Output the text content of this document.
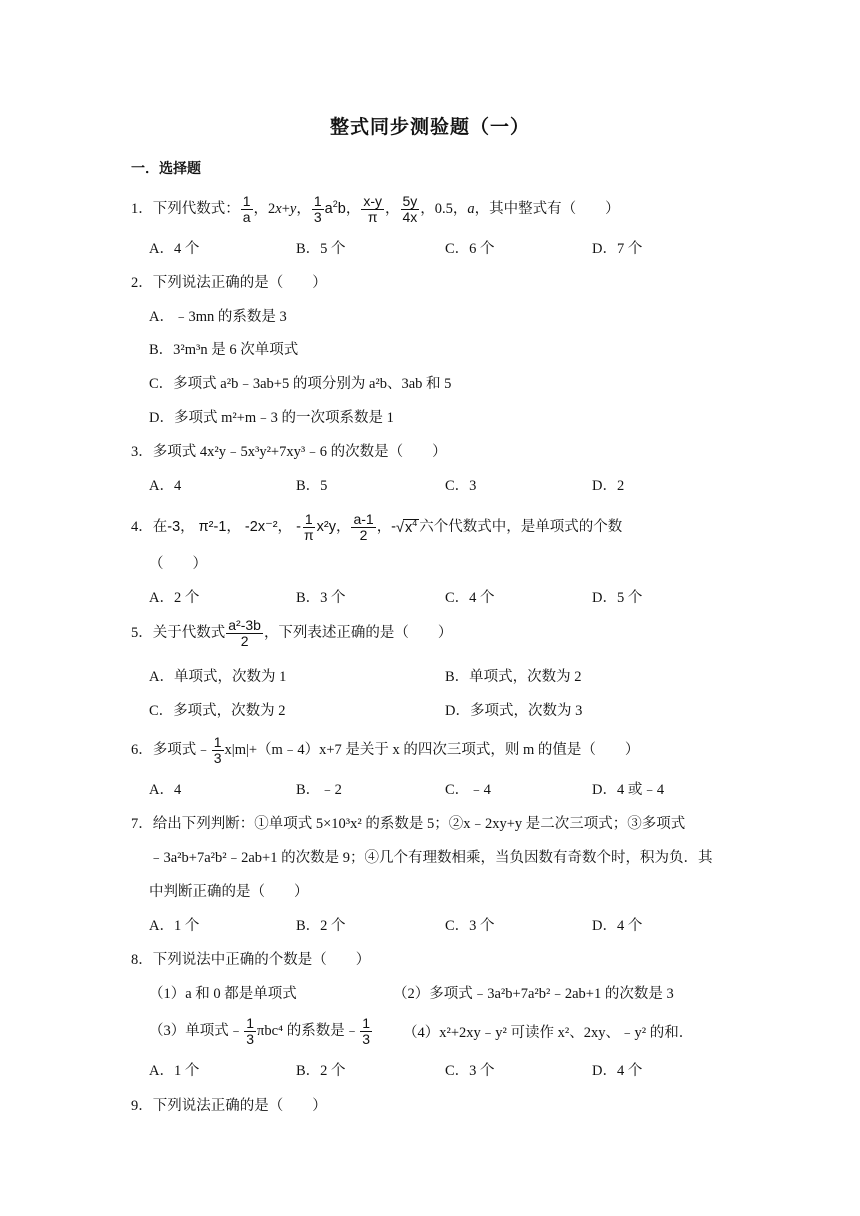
整式同步测验题（一）
一．选择题
1．下列代数式： $\frac{1}{a}$ ，2x+y， $\frac{1}{3} a^2b$， $\frac{x-y}{\pi}$ ， $\frac{5y}{4x}$ ，0.5，a，其中整式有（　　）
A．4 个	B．5 个	C．6 个	D．7 个
2．下列说法正确的是（　　）
A．﹣3mn 的系数是 3
B．3²m³n 是 6 次单项式
C．多项式 a²b﹣3ab+5 的项分别为 a²b、3ab 和 5
D．多项式 m²+m﹣3 的一次项系数是 1
3．多项式 4x²y﹣5x³y²+7xy³﹣6 的次数是（　　）
A．4	B．5	C．3	D．2
4．在-3， π²-1， -2x⁻²， - $\frac{1}{\pi} x^2y$， $\frac{a-1}{2}$ ，$-√x^4$ 六个代数式中，是单项式的个数
（　　）
A．2 个	B．3 个	C．4 个	D．5 个
5．关于代数式 $\frac{\text{a²-3b}}{2}$ ，下列表述正确的是（　　）
A．单项式，次数为 1	B．单项式，次数为 2
C．多项式，次数为 2	D．多项式，次数为 3
6．多项式﹣ $\frac{1}{3}$ x|m|+（m﹣4）x+7 是关于 x 的四次三项式，则 m 的值是（　　）
A．4	B．﹣2	C．﹣4	D．4 或﹣4
7．给出下列判断：①单项式 5×10³x² 的系数是 5；②x﹣2xy+y 是二次三项式；③多项式
﹣3a²b+7a²b²﹣2ab+1 的次数是 9；④几个有理数相乘，当负因数有奇数个时，积为负．其
中判断正确的是（　　）
A．1 个	B．2 个	C．3 个	D．4 个
8．下列说法中正确的个数是（　　）
（1）a 和 0 都是单项式	（2）多项式﹣3a²b+7a²b²﹣2ab+1 的次数是 3
（3）单项式﹣ $\frac{1}{3} \pi bc^4$ 的系数是﹣ $\frac{1}{3}$ （4）x²+2xy﹣y² 可读作 x²、2xy、﹣y² 的和．
A．1 个	B．2 个	C．3 个	D．4 个
9．下列说法正确的是（　　）
